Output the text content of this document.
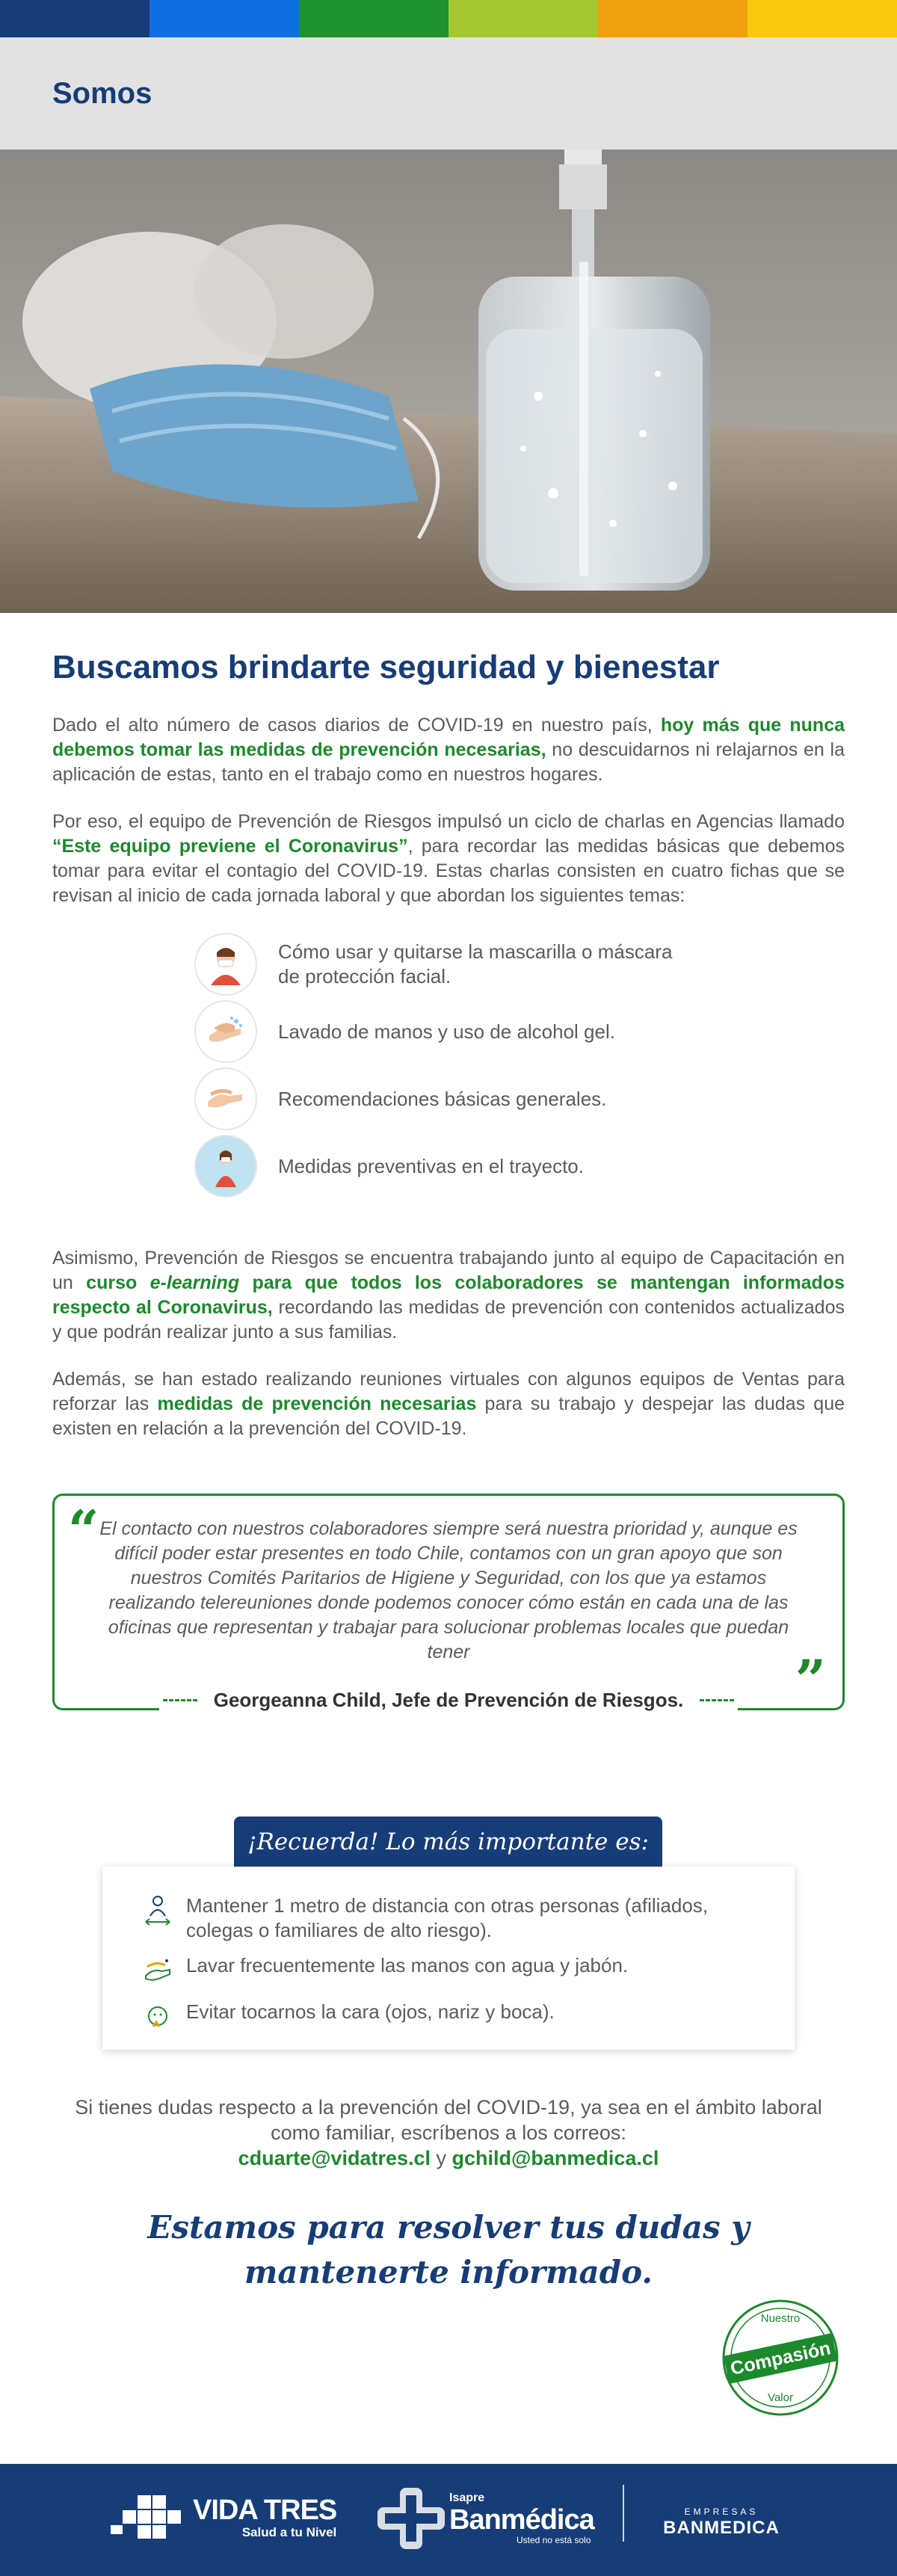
Somos
Buscamos brindarte seguridad y bienestar

Dado el alto número de casos diarios de COVID-19 en nuestro país, hoy más que nunca debemos tomar las medidas de prevención necesarias, no descuidarnos ni relajarnos en la aplicación de estas, tanto en el trabajo como en nuestros hogares.

Por eso, el equipo de Prevención de Riesgos impulsó un ciclo de charlas en Agencias llamado “Este equipo previene el Coronavirus”, para recordar las medidas básicas que debemos tomar para evitar el contagio del COVID-19. Estas charlas consisten en cuatro fichas que se revisan al inicio de cada jornada laboral y que abordan los siguientes temas:

Cómo usar y quitarse la mascarilla o máscara de protección facial.
Lavado de manos y uso de alcohol gel.
Recomendaciones básicas generales.
Medidas preventivas en el trayecto.

Asimismo, Prevención de Riesgos se encuentra trabajando junto al equipo de Capacitación en un curso e-learning para que todos los colaboradores se mantengan informados respecto al Coronavirus, recordando las medidas de prevención con contenidos actualizados y que podrán realizar junto a sus familias.

Además, se han estado realizando reuniones virtuales con algunos equipos de Ventas para reforzar las medidas de prevención necesarias para su trabajo y despejar las dudas que existen en relación a la prevención del COVID-19.

“ El contacto con nuestros colaboradores siempre será nuestra prioridad y, aunque es difícil poder estar presentes en todo Chile, contamos con un gran apoyo que son nuestros Comités Paritarios de Higiene y Seguridad, con los que ya estamos realizando telereuniones donde podemos conocer cómo están en cada una de las oficinas que representan y trabajar para solucionar problemas locales que puedan tener	”
Georgeanna Child, Jefe de Prevención de Riesgos.
¡Recuerda! Lo más importante es:
Mantener 1 metro de distancia con otras personas (afiliados, colegas o familiares de alto riesgo).
Lavar frecuentemente las manos con agua y jabón.
Evitar tocarnos la cara (ojos, nariz y boca).
Si tienes dudas respecto a la prevención del COVID-19, ya sea en el ámbito laboral como familiar, escríbenos a los correos:
cduarte@vidatres.cl y gchild@banmedica.cl
Estamos para resolver tus dudas y
mantenerte informado.
Nuestro
Compasión
Valor
VIDA TRES
Salud a tu Nivel
Isapre
Banmédica
Usted no está solo
EMPRESAS
BANMEDICA
